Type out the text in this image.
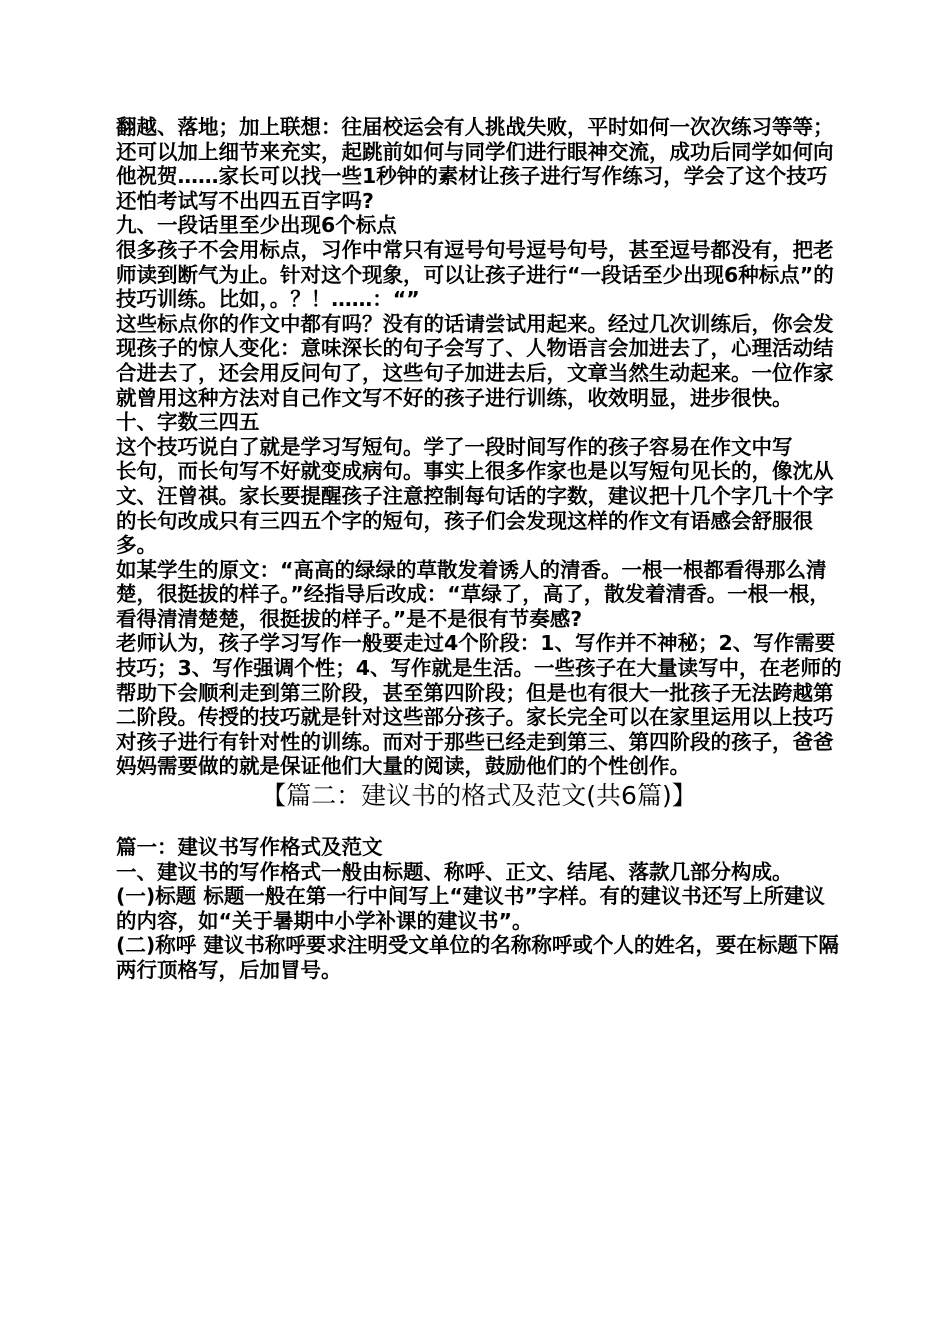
翻越、落地；加上联想：往届校运会有人挑战失败，平时如何一次次练习等等；还可以加上细节来充实，起跳前如何与同学们进行眼神交流，成功后同学如何向他祝贺……家长可以找一些1秒钟的素材让孩子进行写作练习，学会了这个技巧还怕考试写不出四五百字吗?

九、一段话里至少出现6个标点

很多孩子不会用标点，习作中常只有逗号句号逗号句号，甚至逗号都没有，把老师读到断气为止。针对这个现象，可以让孩子进行“一段话至少出现6种标点”的技巧训练。比如，。？！……：“”

这些标点你的作文中都有吗？没有的话请尝试用起来。经过几次训练后，你会发现孩子的惊人变化：意味深长的句子会写了、人物语言会加进去了，心理活动结合进去了，还会用反问句了，这些句子加进去后，文章当然生动起来。一位作家就曾用这种方法对自己作文写不好的孩子进行训练，收效明显，进步很快。

十、字数三四五

这个技巧说白了就是学习写短句。学了一段时间写作的孩子容易在作文中写

长句，而长句写不好就变成病句。事实上很多作家也是以写短句见长的，像沈从文、汪曾祺。家长要提醒孩子注意控制每句话的字数，建议把十几个字几十个字的长句改成只有三四五个字的短句，孩子们会发现这样的作文有语感会舒服很多。

如某学生的原文：“高高的绿绿的草散发着诱人的清香。一根一根都看得那么清楚，很挺拔的样子。”经指导后改成：“草绿了，高了，散发着清香。一根一根，看得清清楚楚，很挺拔的样子。”是不是很有节奏感?

老师认为，孩子学习写作一般要走过4个阶段：1、写作并不神秘；2、写作需要技巧；3、写作强调个性；4、写作就是生活。一些孩子在大量读写中，在老师的帮助下会顺利走到第三阶段，甚至第四阶段；但是也有很大一批孩子无法跨越第二阶段。传授的技巧就是针对这些部分孩子。家长完全可以在家里运用以上技巧对孩子进行有针对性的训练。而对于那些已经走到第三、第四阶段的孩子，爸爸妈妈需要做的就是保证他们大量的阅读，鼓励他们的个性创作。

【篇二：建议书的格式及范文(共6篇)】

篇一：建议书写作格式及范文

一、建议书的写作格式一般由标题、称呼、正文、结尾、落款几部分构成。

(一)标题 标题一般在第一行中间写上“建议书”字样。有的建议书还写上所建议的内容，如“关于暑期中小学补课的建议书”。

(二)称呼 建议书称呼要求注明受文单位的名称称呼或个人的姓名，要在标题下隔两行顶格写，后加冒号。
